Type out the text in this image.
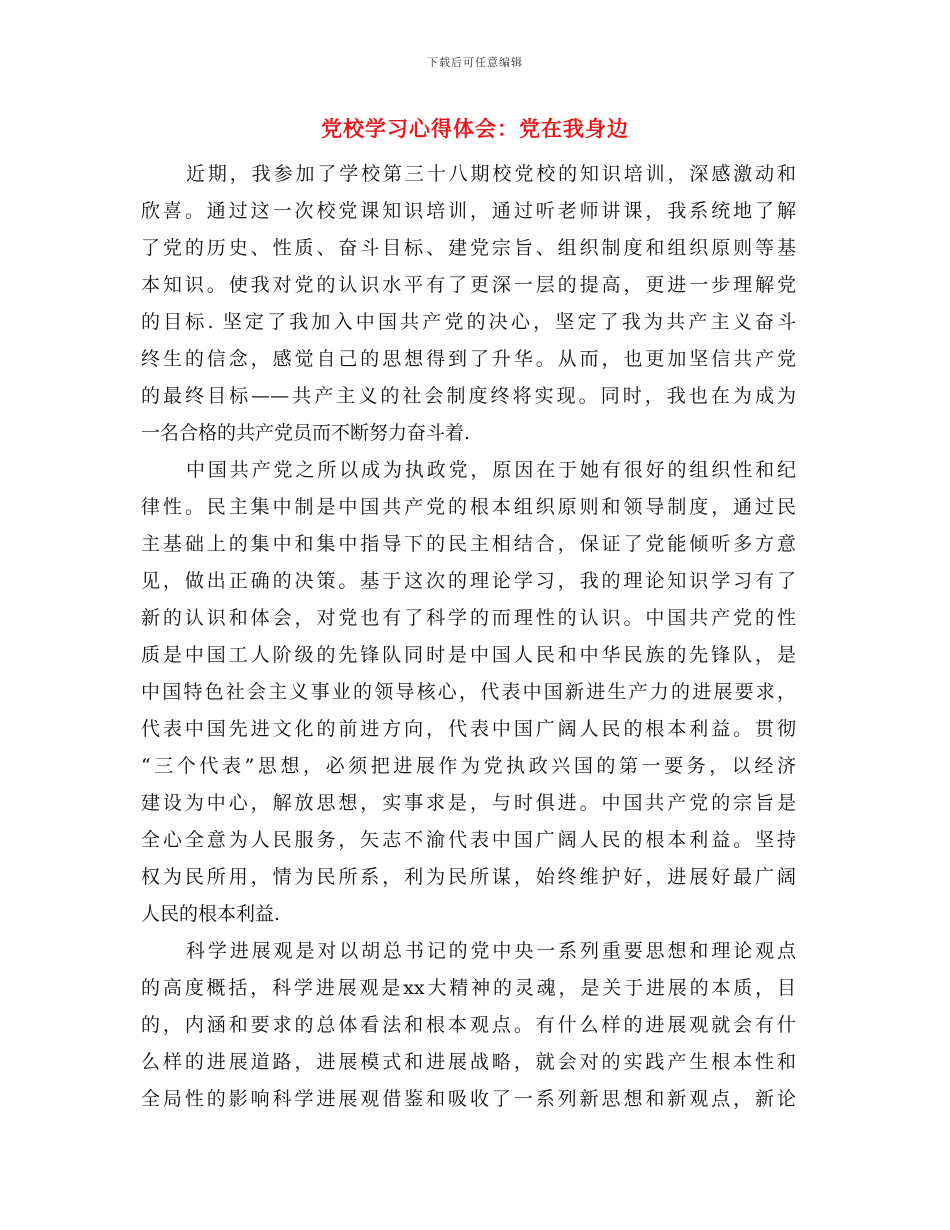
下载后可任意编辑
党校学习心得体会：党在我身边
近期，我参加了学校第三十八期校党校的知识培训，深感激动和
欣喜。通过这一次校党课知识培训，通过听老师讲课，我系统地了解
了党的历史、性质、奋斗目标、建党宗旨、组织制度和组织原则等基
本知识。使我对党的认识水平有了更深一层的提高，更进一步理解党
的目标. 坚定了我加入中国共产党的决心，坚定了我为共产主义奋斗
终生的信念，感觉自己的思想得到了升华。从而，也更加坚信共产党
的最终目标——共产主义的社会制度终将实现。同时，我也在为成为
一名合格的共产党员而不断努力奋斗着.
中国共产党之所以成为执政党，原因在于她有很好的组织性和纪
律性。民主集中制是中国共产党的根本组织原则和领导制度，通过民
主基础上的集中和集中指导下的民主相结合，保证了党能倾听多方意
见，做出正确的决策。基于这次的理论学习，我的理论知识学习有了
新的认识和体会，对党也有了科学的而理性的认识。中国共产党的性
质是中国工人阶级的先锋队同时是中国人民和中华民族的先锋队，是
中国特色社会主义事业的领导核心，代表中国新进生产力的进展要求，
代表中国先进文化的前进方向，代表中国广阔人民的根本利益。贯彻
“三个代表”思想，必须把进展作为党执政兴国的第一要务，以经济
建设为中心，解放思想，实事求是，与时俱进。中国共产党的宗旨是
全心全意为人民服务，矢志不渝代表中国广阔人民的根本利益。坚持
权为民所用，情为民所系，利为民所谋，始终维护好，进展好最广阔
人民的根本利益.
科学进展观是对以胡总书记的党中央一系列重要思想和理论观点
的高度概括，科学进展观是xx大精神的灵魂，是关于进展的本质，目
的，内涵和要求的总体看法和根本观点。有什么样的进展观就会有什
么样的进展道路，进展模式和进展战略，就会对的实践产生根本性和
全局性的影响科学进展观借鉴和吸收了一系列新思想和新观点，新论
